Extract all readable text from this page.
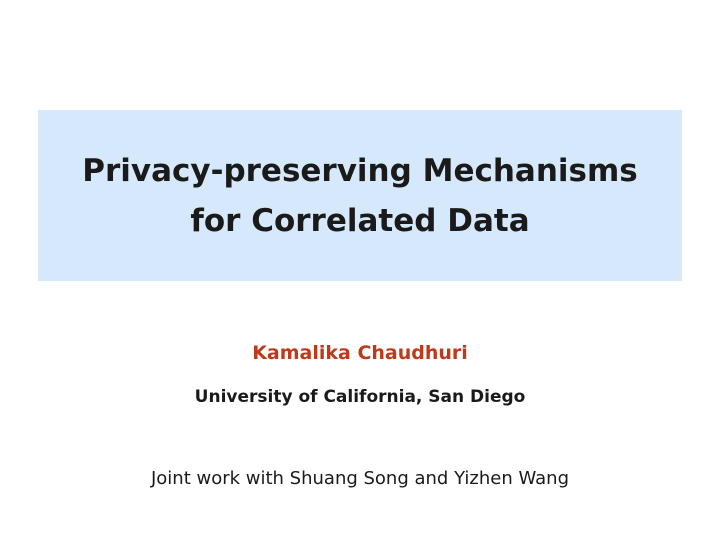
Privacy-preserving Mechanisms
for Correlated Data
Kamalika Chaudhuri
University of California, San Diego
Joint work with Shuang Song and Yizhen Wang
